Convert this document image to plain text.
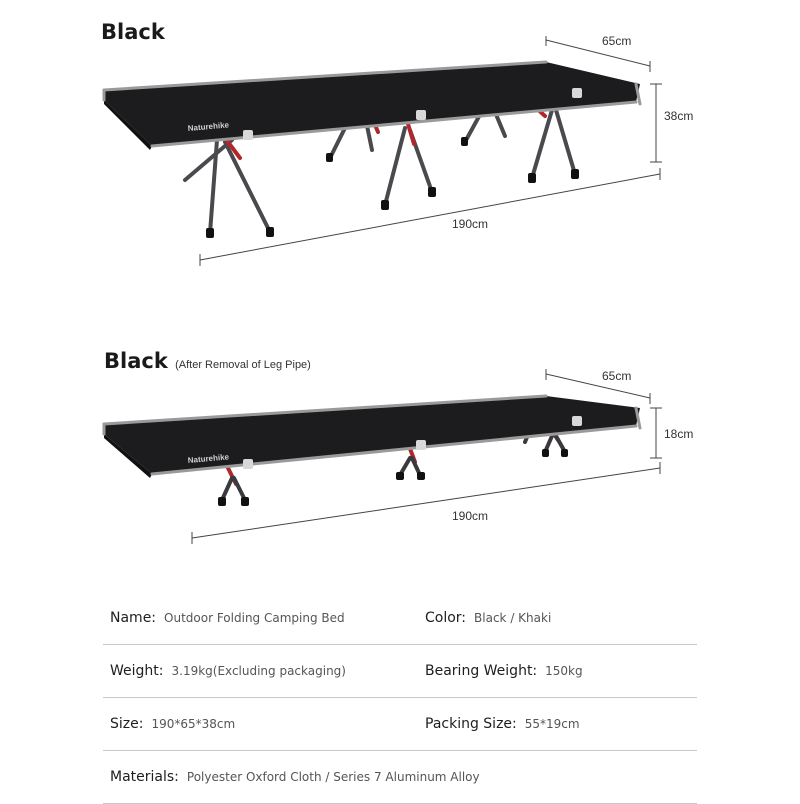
Black
Naturehike
65cm
38cm
190cm
Black (After Removal of Leg Pipe)
Naturehike
65cm
18cm
190cm
Name: Outdoor Folding Camping Bed	Color: Black / Khaki
Weight: 3.19kg(Excluding packaging)	Bearing Weight: 150kg
Size: 190*65*38cm	Packing Size: 55*19cm
Materials: Polyester Oxford Cloth / Series 7 Aluminum Alloy
